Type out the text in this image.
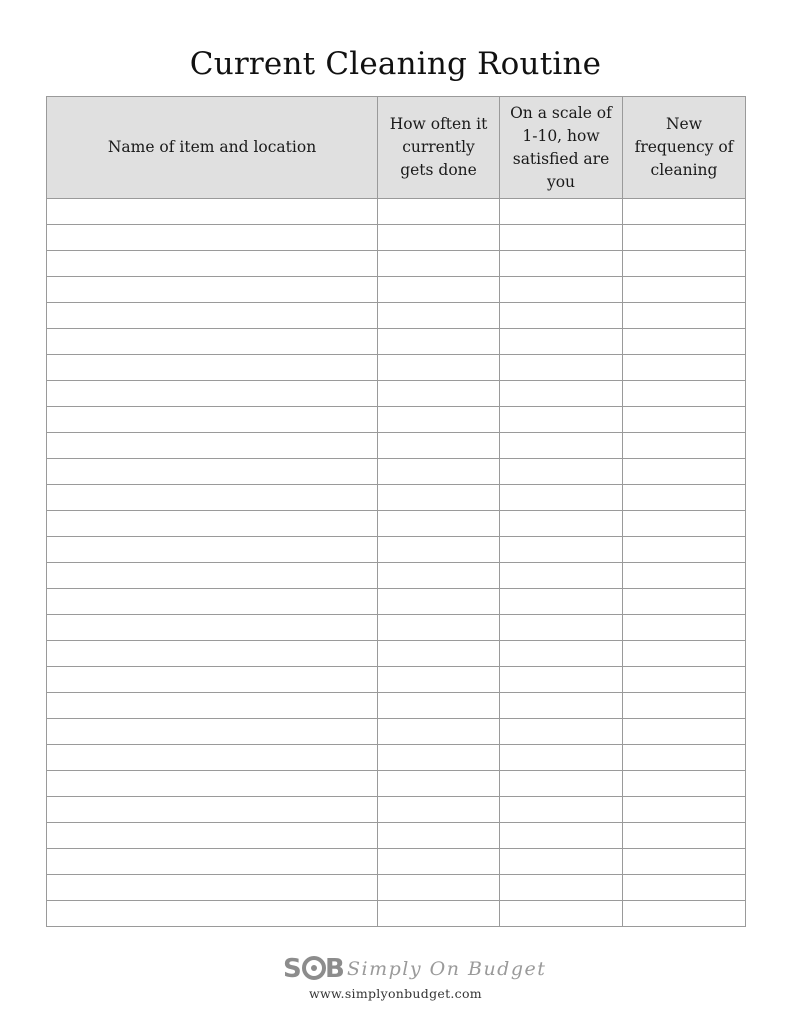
Current Cleaning Routine
Name of item and location	How often it currently gets done	On a scale of 1-10, how satisfied are you	New frequency of cleaning

S B Simply On Budget
www.simplyonbudget.com
